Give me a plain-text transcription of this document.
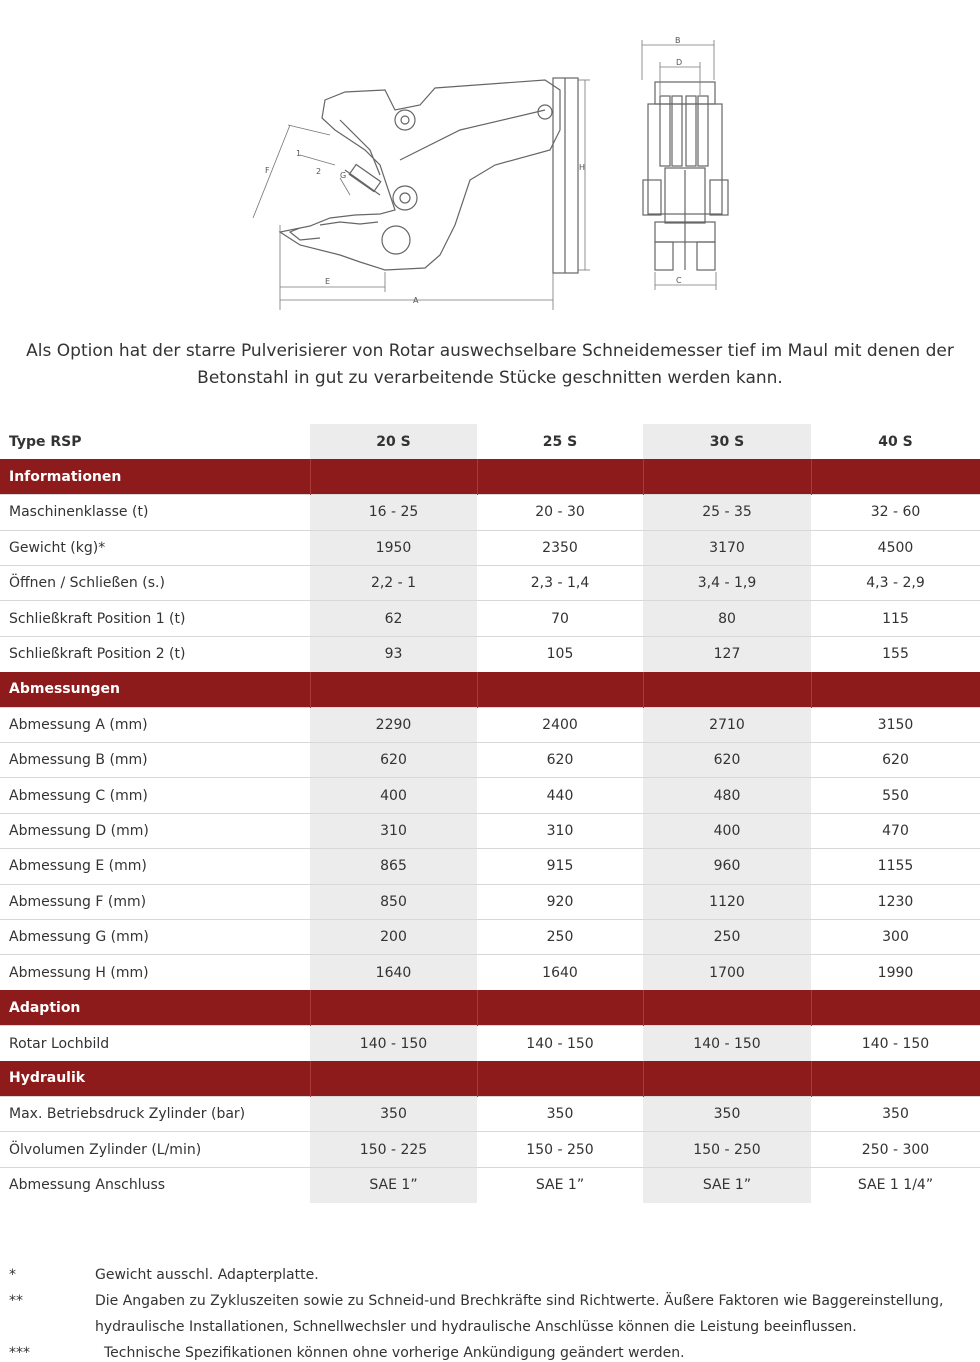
1
2
F
G
E
A
H
B
D
C

Als Option hat der starre Pulverisierer von Rotar auswechselbare Schneidemesser tief im Maul mit denen der Betonstahl in gut zu verarbeitende Stücke geschnitten werden kann.

Type RSP	20 S	25 S	30 S	40 S
Informationen				
Maschinenklasse (t)	16 - 25	20 - 30	25 - 35	32 - 60
Gewicht (kg)*	1950	2350	3170	4500
Öffnen / Schließen (s.)	2,2 - 1	2,3 - 1,4	3,4 - 1,9	4,3 - 2,9
Schließkraft Position 1 (t)	62	70	80	115
Schließkraft Position 2 (t)	93	105	127	155
Abmessungen				
Abmessung A (mm)	2290	2400	2710	3150
Abmessung B (mm)	620	620	620	620
Abmessung C (mm)	400	440	480	550
Abmessung D (mm)	310	310	400	470
Abmessung E (mm)	865	915	960	1155
Abmessung F (mm)	850	920	1120	1230
Abmessung G (mm)	200	250	250	300
Abmessung H (mm)	1640	1640	1700	1990
Adaption				
Rotar Lochbild	140 - 150	140 - 150	140 - 150	140 - 150
Hydraulik				
Max. Betriebsdruck Zylinder (bar)	350	350	350	350
Ölvolumen Zylinder (L/min)	150 - 225	150 - 250	150 - 250	250 - 300
Abmessung Anschluss	SAE 1”	SAE 1”	SAE 1”	SAE 1 1/4”
*	Gewicht ausschl. Adapterplatte.
**	Die Angaben zu Zykluszeiten sowie zu Schneid-und Brechkräfte sind Richtwerte. Äußere Faktoren wie Baggereinstellung, hydraulische Installationen, Schnellwechsler und hydraulische Anschlüsse können die Leistung beeinflussen.
***	Technische Spezifikationen können ohne vorherige Ankündigung geändert werden.
